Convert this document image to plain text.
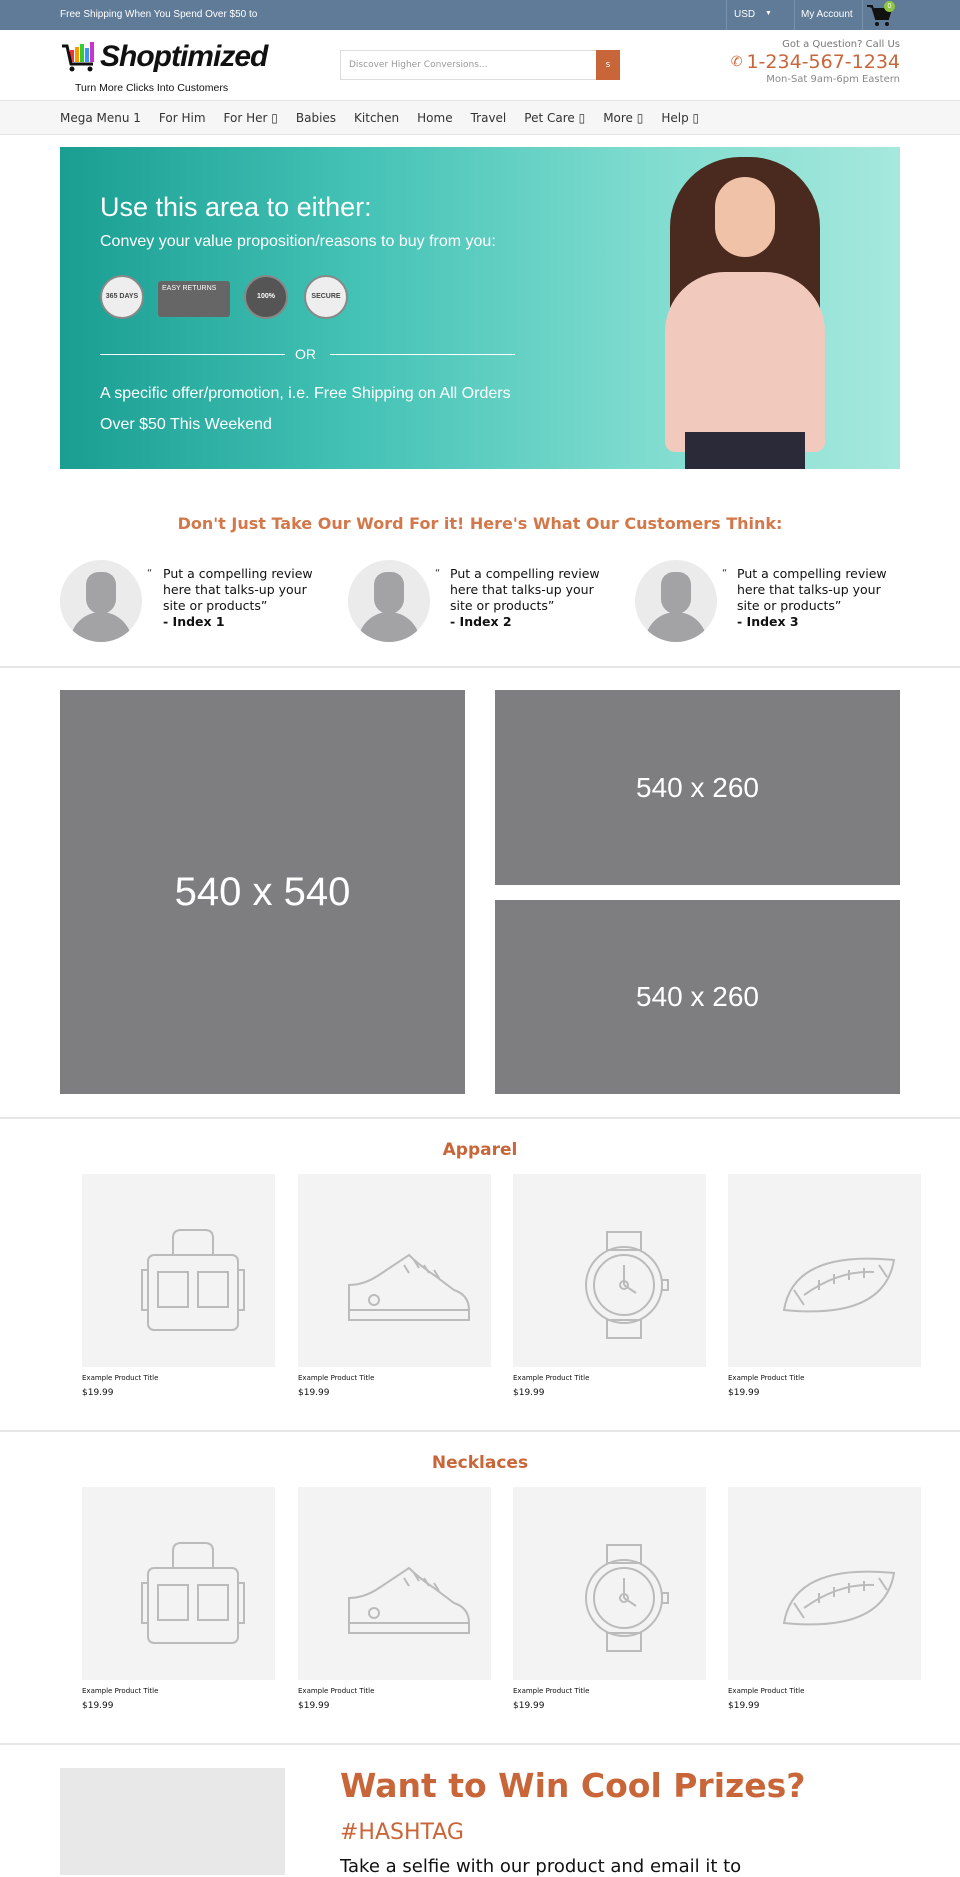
Free Shipping When You Spend Over $50 to	USD ▼	My Account
0
Shoptimized
Turn More Clicks Into Customers
Discover Higher Conversions...	s
Got a Question? Call Us
✆ 1-234-567-1234
Mon-Sat 9am-6pm Eastern
Mega Menu 1 For Him For Her ▯ Babies Kitchen Home Travel Pet Care ▯ More ▯ Help ▯
Use this area to either:
Convey your value proposition/reasons to buy from you:
365 DAYS
EASY RETURNS
100%	SECURE
OR
A specific offer/promotion, i.e. Free Shipping on All Orders
Over $50 This Weekend
Don't Just Take Our Word For it! Here's What Our Customers Think:
“ Put a compelling review here that talks-up your site or products”
- Index 1
“ Put a compelling review here that talks-up your site or products”
- Index 2
“ Put a compelling review here that talks-up your site or products”
- Index 3
540 x 540
540 x 260
540 x 260
Apparel
Example Product Title
$19.99
Example Product Title
$19.99
Example Product Title
$19.99
Example Product Title
$19.99
Necklaces
Example Product Title
$19.99
Example Product Title
$19.99
Example Product Title
$19.99
Example Product Title
$19.99
Want to Win Cool Prizes?
#HASHTAG
Take a selfie with our product and email it to
